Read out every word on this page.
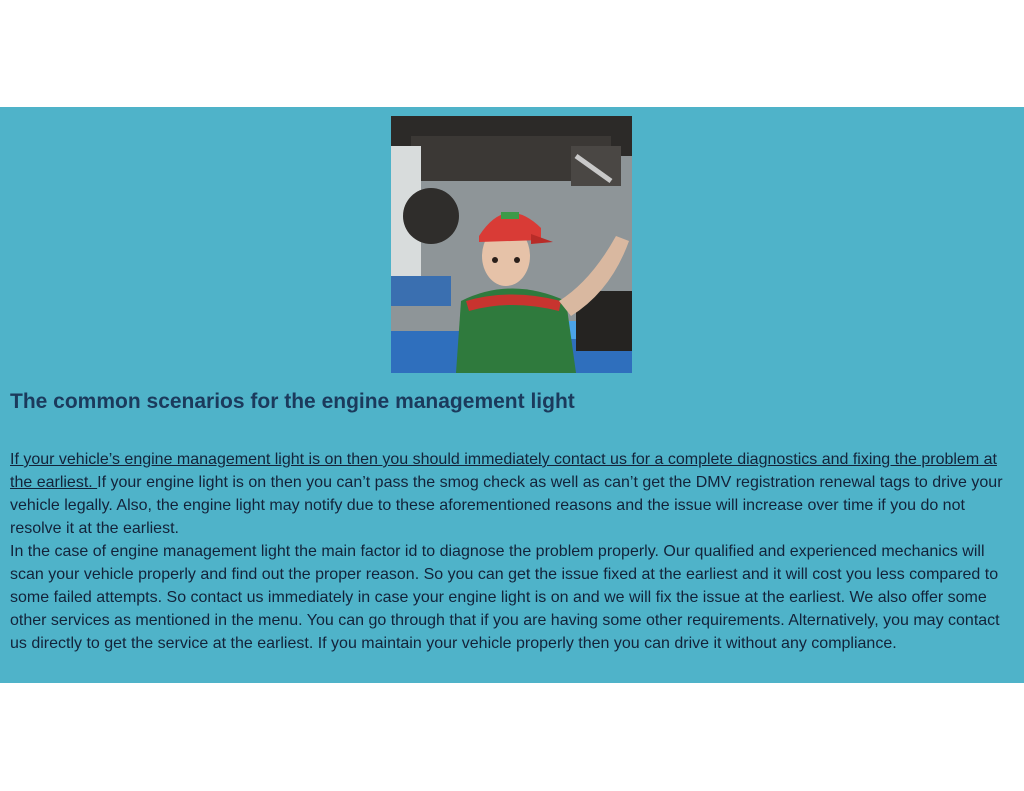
The common scenarios for the engine management light

If your vehicle’s engine management light is on then you should immediately contact us for a complete diagnostics and fixing the problem at the earliest. If your engine light is on then you can’t pass the smog check as well as can’t get the DMV registration renewal tags to drive your vehicle legally. Also, the engine light may notify due to these aforementioned reasons and the issue will increase over time if you do not resolve it at the earliest.

In the case of engine management light the main factor id to diagnose the problem properly. Our qualified and experienced mechanics will scan your vehicle properly and find out the proper reason. So you can get the issue fixed at the earliest and it will cost you less compared to some failed attempts. So contact us immediately in case your engine light is on and we will fix the issue at the earliest. We also offer some other services as mentioned in the menu. You can go through that if you are having some other requirements. Alternatively, you may contact us directly to get the service at the earliest. If you maintain your vehicle properly then you can drive it without any compliance.
